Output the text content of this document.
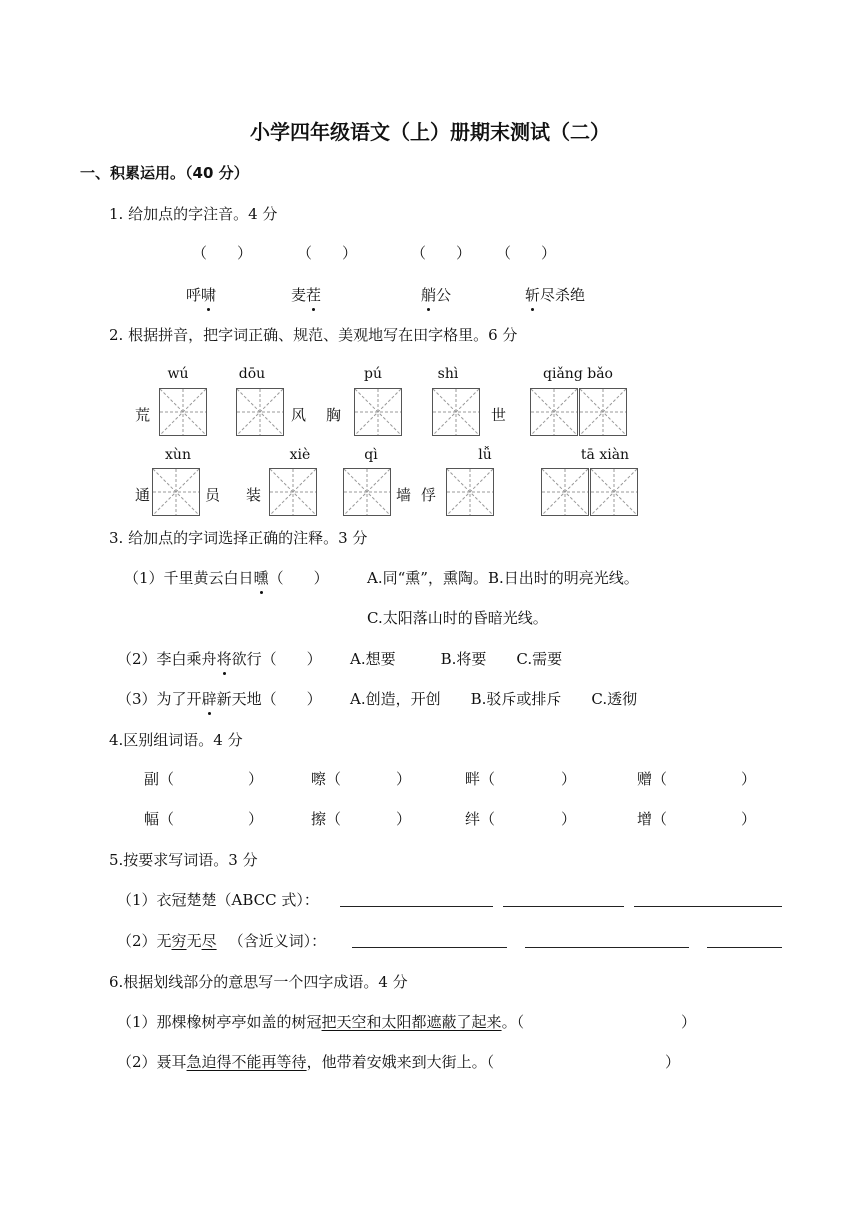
小学四年级语文（上）册期末测试（二）
一、积累运用。（40 分）
1. 给加点的字注音。4 分
（　　）	（　　）	（　　） （　　）
呼啸	麦茬	艄公	斩尽杀绝
2. 根据拼音，把字词正确、规范、美观地写在田字格里。6 分
wú	dōu	pú	shì	qiǎng bǎo
荒	风 胸	世
xùn	xiè	qì	lǚ	tā xiàn
通	员 装	墙 俘
3. 给加点的字词选择正确的注释。3 分
（1）千里黄云白日曛（　　）	A.同“熏”，熏陶。B.日出时的明亮光线。
C.太阳落山时的昏暗光线。
（2）李白乘舟将欲行（　　） A.想要　　　B.将要　　C.需要
（3）为了开辟新天地（　　） A.创造，开创　　B.驳斥或排斥　　C.透彻
4.区别组词语。4 分
副（	）	嚓（	）	畔（	）	赠（	）
幅（	）	擦（	）	绊（	）	增（	）
5.按要求写词语。3 分
（1）衣冠楚楚（ABCC 式）：
（2）无穷无尽 （含近义词）：
6.根据划线部分的意思写一个四字成语。4 分
（1）那棵橡树亭亭如盖的树冠把天空和太阳都遮蔽了起来。（	）
（2）聂耳急迫得不能再等待，他带着安娥来到大街上。（	）
